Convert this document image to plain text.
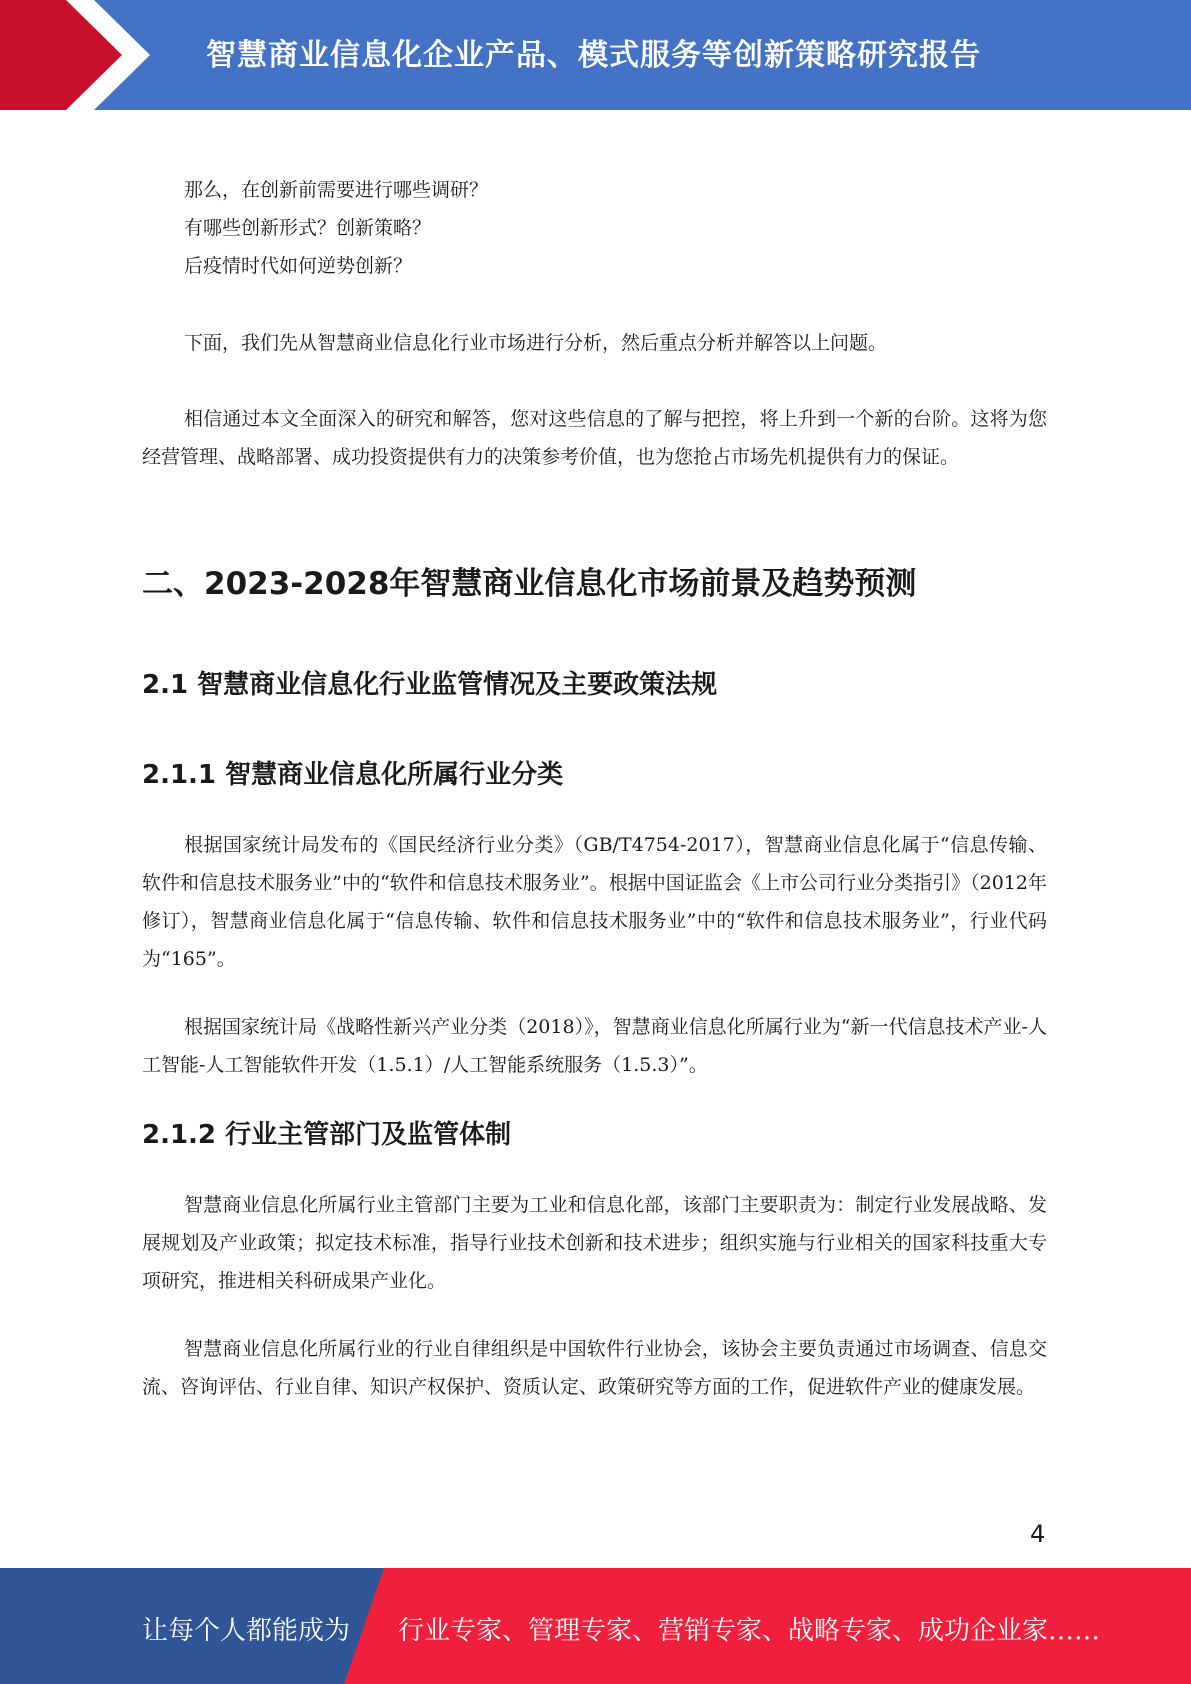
智慧商业信息化企业产品、模式服务等创新策略研究报告
那么，在创新前需要进行哪些调研？
有哪些创新形式？创新策略？
后疫情时代如何逆势创新？
下面，我们先从智慧商业信息化行业市场进行分析，然后重点分析并解答以上问题。
相信通过本文全面深入的研究和解答，您对这些信息的了解与把控，将上升到一个新的台阶。这将为您经营管理、战略部署、成功投资提供有力的决策参考价值，也为您抢占市场先机提供有力的保证。
二、2023-2028年智慧商业信息化市场前景及趋势预测
2.1 智慧商业信息化行业监管情况及主要政策法规
2.1.1 智慧商业信息化所属行业分类
根据国家统计局发布的《国民经济行业分类》（GB/T4754-2017），智慧商业信息化属于“信息传输、软件和信息技术服务业”中的“软件和信息技术服务业”。根据中国证监会《上市公司行业分类指引》（2012年修订），智慧商业信息化属于“信息传输、软件和信息技术服务业”中的“软件和信息技术服务业”，行业代码为“165”。
根据国家统计局《战略性新兴产业分类（2018）》，智慧商业信息化所属行业为“新一代信息技术产业-人工智能-人工智能软件开发（1.5.1）/人工智能系统服务（1.5.3）”。
2.1.2 行业主管部门及监管体制
智慧商业信息化所属行业主管部门主要为工业和信息化部，该部门主要职责为：制定行业发展战略、发展规划及产业政策；拟定技术标准，指导行业技术创新和技术进步；组织实施与行业相关的国家科技重大专项研究，推进相关科研成果产业化。
智慧商业信息化所属行业的行业自律组织是中国软件行业协会，该协会主要负责通过市场调查、信息交流、咨询评估、行业自律、知识产权保护、资质认定、政策研究等方面的工作，促进软件产业的健康发展。
4
让每个人都能成为 行业专家、管理专家、营销专家、战略专家、成功企业家……
